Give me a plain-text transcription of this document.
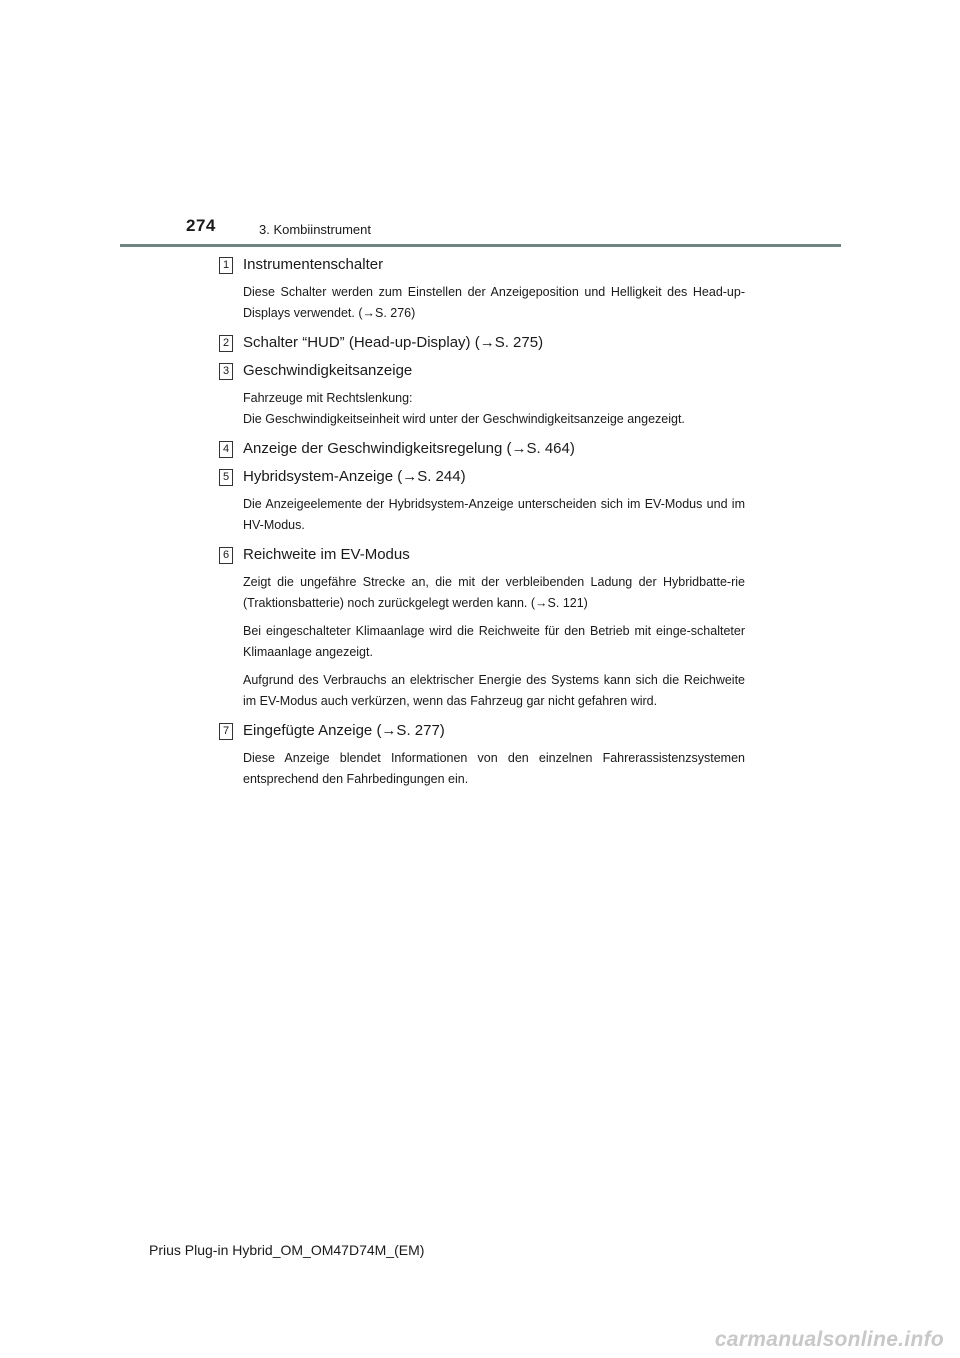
274	3. Kombiinstrument
1 Instrumentenschalter

Diese Schalter werden zum Einstellen der Anzeigeposition und Helligkeit des Head-up-Displays verwendet. (→S. 276)

2 Schalter “HUD” (Head-up-Display) (→S. 275)
3 Geschwindigkeitsanzeige

Fahrzeuge mit Rechtslenkung:
Die Geschwindigkeitseinheit wird unter der Geschwindigkeitsanzeige angezeigt.

4 Anzeige der Geschwindigkeitsregelung (→S. 464)
5 Hybridsystem-Anzeige (→S. 244)

Die Anzeigeelemente der Hybridsystem-Anzeige unterscheiden sich im EV-Modus und im HV-Modus.

6 Reichweite im EV-Modus

Zeigt die ungefähre Strecke an, die mit der verbleibenden Ladung der Hybridbatte-rie (Traktionsbatterie) noch zurückgelegt werden kann. (→S. 121)

Bei eingeschalteter Klimaanlage wird die Reichweite für den Betrieb mit einge-schalteter Klimaanlage angezeigt.

Aufgrund des Verbrauchs an elektrischer Energie des Systems kann sich die Reichweite im EV-Modus auch verkürzen, wenn das Fahrzeug gar nicht gefahren wird.

7 Eingefügte Anzeige (→S. 277)

Diese Anzeige blendet Informationen von den einzelnen Fahrerassistenzsystemen entsprechend den Fahrbedingungen ein.

Prius Plug-in Hybrid_OM_OM47D74M_(EM)
carmanualsonline.info
